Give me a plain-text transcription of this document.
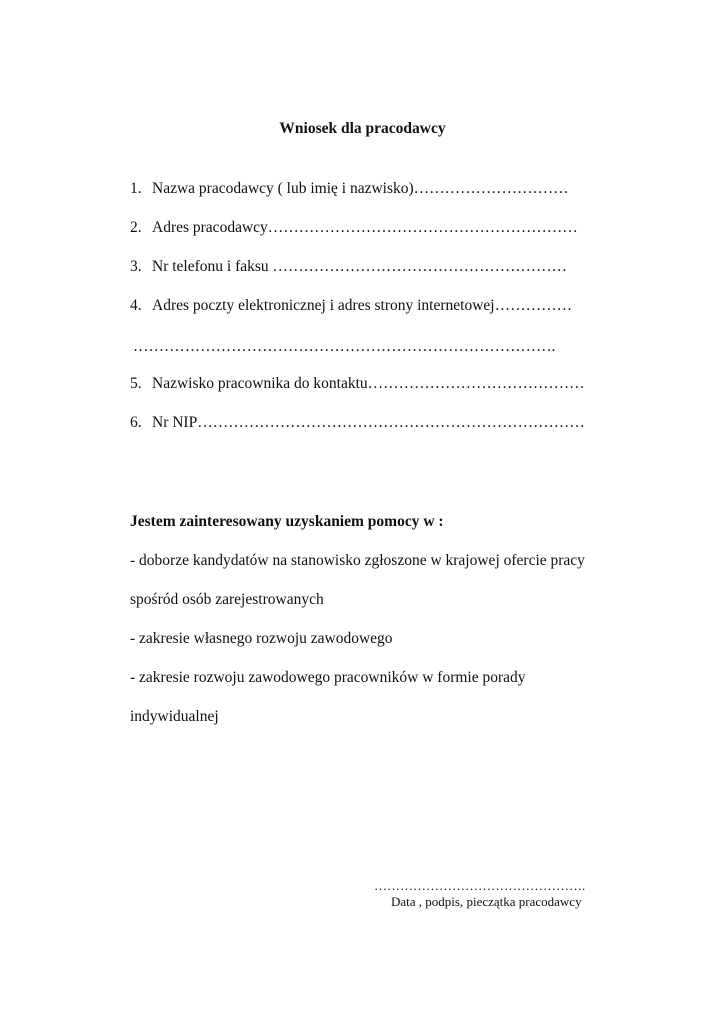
Wniosek dla pracodawcy
1. Nazwa pracodawcy ( lub imię i nazwisko)…………………………
2. Adres pracodawcy……………………………………………………
3. Nr telefonu i faksu …………………………………………………
4. Adres poczty elektronicznej i adres strony internetowej……………
……………………………………………………………………….
5. Nazwisko pracownika do kontaktu……………………………………
6. Nr NIP…………………………………………………………………
Jestem zainteresowany uzyskaniem pomocy w :
- doborze kandydatów na stanowisko zgłoszone w krajowej ofercie pracy
spośród osób zarejestrowanych
- zakresie własnego rozwoju zawodowego
- zakresie rozwoju zawodowego pracowników w formie porady
indywidualnej
………………………………………….
Data , podpis, pieczątka pracodawcy
